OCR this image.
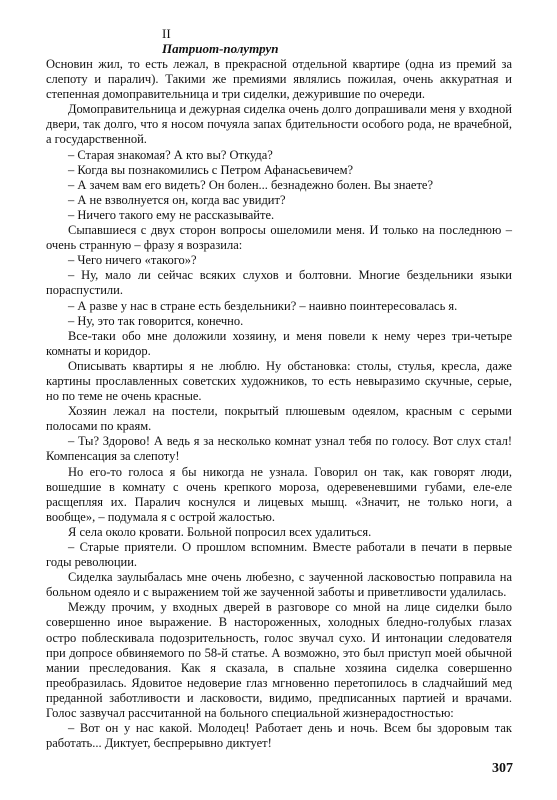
II
Патриот-полутруп

Основин жил, то есть лежал, в прекрасной отдельной квартире (одна из премий за слепоту и паралич). Такими же премиями являлись пожилая, очень аккуратная и степенная домоправительница и три сиделки, дежурившие по очереди.

Домоправительница и дежурная сиделка очень долго допрашивали меня у входной двери, так долго, что я носом почуяла запах бдительности особого рода, не врачебной, а государственной.

– Старая знакомая? А кто вы? Откуда?

– Когда вы познакомились с Петром Афанасьевичем?

– А зачем вам его видеть? Он болен... безнадежно болен. Вы знаете?

– А не взволнуется он, когда вас увидит?

– Ничего такого ему не рассказывайте.

Сыпавшиеся с двух сторон вопросы ошеломили меня. И только на последнюю – очень странную – фразу я возразила:

– Чего ничего «такого»?

– Ну, мало ли сейчас всяких слухов и болтовни. Многие бездельники языки пораспустили.

– А разве у нас в стране есть бездельники? – наивно поинтересовалась я.

– Ну, это так говорится, конечно.

Все-таки обо мне доложили хозяину, и меня повели к нему через три-четыре комнаты и коридор.

Описывать квартиры я не люблю. Ну обстановка: столы, стулья, кресла, даже картины прославленных советских художников, то есть невыразимо скучные, серые, но по теме не очень красные.

Хозяин лежал на постели, покрытый плюшевым одеялом, красным с серыми полосами по краям.

– Ты? Здорово! А ведь я за несколько комнат узнал тебя по голосу. Вот слух стал! Компенсация за слепоту!

Но его-то голоса я бы никогда не узнала. Говорил он так, как говорят люди, вошедшие в комнату с очень крепкого мороза, одеревеневшими губами, еле-еле расщепляя их. Паралич коснулся и лицевых мышц. «Значит, не только ноги, а вообще», – подумала я с острой жалостью.

Я села около кровати. Больной попросил всех удалиться.

– Старые приятели. О прошлом вспомним. Вместе работали в печати в первые годы революции.

Сиделка заулыбалась мне очень любезно, с заученной ласковостью поправила на больном одеяло и с выражением той же заученной заботы и приветливости удалилась.

Между прочим, у входных дверей в разговоре со мной на лице сиделки было совершенно иное выражение. В настороженных, холодных бледно-голубых глазах остро поблескивала подозрительность, голос звучал сухо. И интонации следователя при допросе обвиняемого по 58-й статье. А возможно, это был приступ моей обычной мании преследования. Как я сказала, в спальне хозяина сиделка совершенно преобразилась. Ядовитое недоверие глаз мгновенно перетопилось в сладчайший мед преданной заботливости и ласковости, видимо, предписанных партией и врачами. Голос зазвучал рассчитанной на больного специальной жизнерадостностью:

– Вот он у нас какой. Молодец! Работает день и ночь. Всем бы здоровым так работать... Диктует, беспрерывно диктует!

307
